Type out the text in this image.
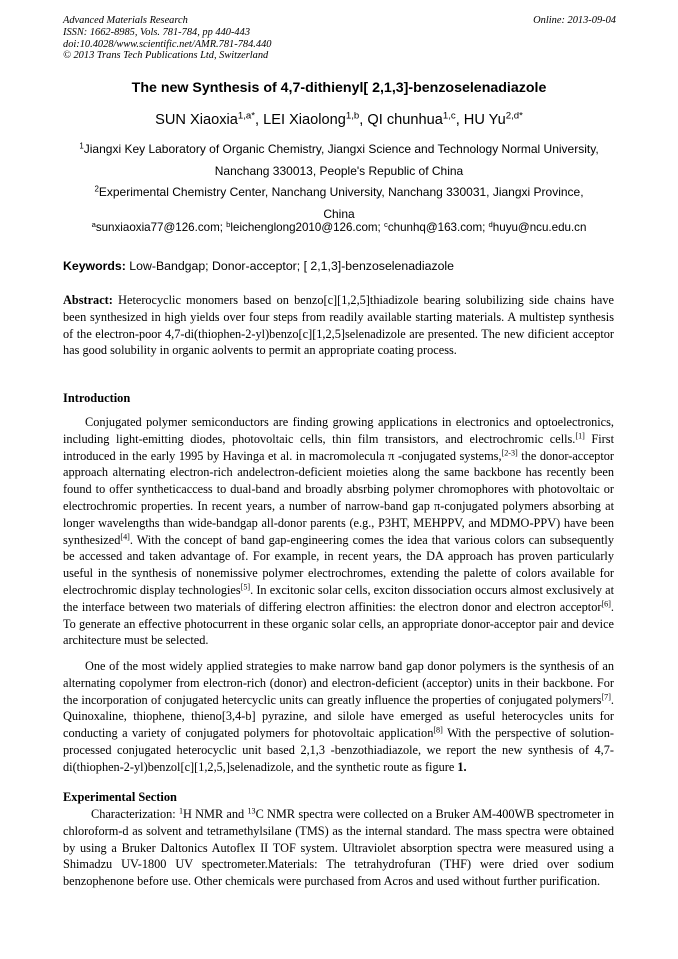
Advanced Materials Research
ISSN: 1662-8985, Vols. 781-784, pp 440-443
doi:10.4028/www.scientific.net/AMR.781-784.440
© 2013 Trans Tech Publications Ltd, Switzerland
Online: 2013-09-04
The new Synthesis of 4,7-dithienyl[ 2,1,3]-benzoselenadiazole
SUN Xiaoxia$^{1,a*}$, LEI Xiaolong$^{1,b}$, QI chunhua$^{1,c}$, HU $Yu^{2,d*}$
$^1$Jiangxi Key Laboratory of Organic Chemistry, Jiangxi Science and Technology Normal University,
Nanchang 330013, People's Republic of China
$^2$Experimental Chemistry Center, Nanchang University, Nanchang 330031, Jiangxi Province,
China
$^a$sunxiaoxia77@126.com; $^b$leichenglong2010@126.com; $^c$chunhq@163.com; $^d$huyu@ncu.edu.cn
Keywords: Low-Bandgap; Donor-acceptor; [ 2,1,3]-benzoselenadiazole
Abstract: Heterocyclic monomers based on benzo[c][1,2,5]thiadizole bearing solubilizing side chains have been synthesized in high yields over four steps from readily available starting materials. A multistep synthesis of the electron-poor 4,7-di(thiophen-2-yl)benzo[c][1,2,5]selenadizole are presented. The new dificient acceptor has good solubility in organic aolvents to permit an appropriate coating process.
Introduction
Conjugated polymer semiconductors are finding growing applications in electronics and optoelectronics, including light-emitting diodes, photovoltaic cells, thin film transistors, and electrochromic cells.[1] First introduced in the early 1995 by Havinga et al. in macromolecula π -conjugated systems,[2-3] the donor-acceptor approach alternating electron-rich andelectron-deficient moieties along the same backbone has recently been found to offer syntheticaccess to dual-band and broadly absrbing polymer chromophores with photovoltaic or electrochromic properties. In recent years, a number of narrow-band gap π-conjugated polymers absorbing at longer wavelengths than wide-bandgap all-donor parents (e.g., P3HT, MEHPPV, and MDMO-PPV) have been synthesized[4]. With the concept of band gap-engineering comes the idea that various colors can subsequently be accessed and taken advantage of. For example, in recent years, the DA approach has proven particularly useful in the synthesis of nonemissive polymer electrochromes, extending the palette of colors available for electrochromic display technologies[5]. In excitonic solar cells, exciton dissociation occurs almost exclusively at the interface between two materials of differing electron affinities: the electron donor and electron acceptor[6]. To generate an effective photocurrent in these organic solar cells, an appropriate donor-acceptor pair and device architecture must be selected.
One of the most widely applied strategies to make narrow band gap donor polymers is the synthesis of an alternating copolymer from electron-rich (donor) and electron-deficient (acceptor) units in their backbone. For the incorporation of conjugated hetercyclic units can greatly influence the properties of conjugated polymers[7]. Quinoxaline, thiophene, thieno[3,4-b] pyrazine, and silole have emerged as useful heterocycles units for conducting a variety of conjugated polymers for photovoltaic application[8] With the perspective of solution-processed conjugated heterocyclic unit based 2,1,3 -benzothiadiazole, we report the new synthesis of 4,7-di(thiophen-2-yl)benzol[c][1,2,5,]selenadizole, and the synthetic route as figure 1.
Experimental Section
Characterization: $^1$H NMR and $^{13}$C NMR spectra were collected on a Bruker AM-400WB spectrometer in chloroform-d as solvent and tetramethylsilane (TMS) as the internal standard. The mass spectra were obtained by using a Bruker Daltonics Autoflex II TOF system. Ultraviolet absorption spectra were measured using a Shimadzu UV-1800 UV spectrometer.Materials: The tetrahydrofuran (THF) were dried over sodium benzophenone before use. Other chemicals were purchased from Acros and used without further purification.
